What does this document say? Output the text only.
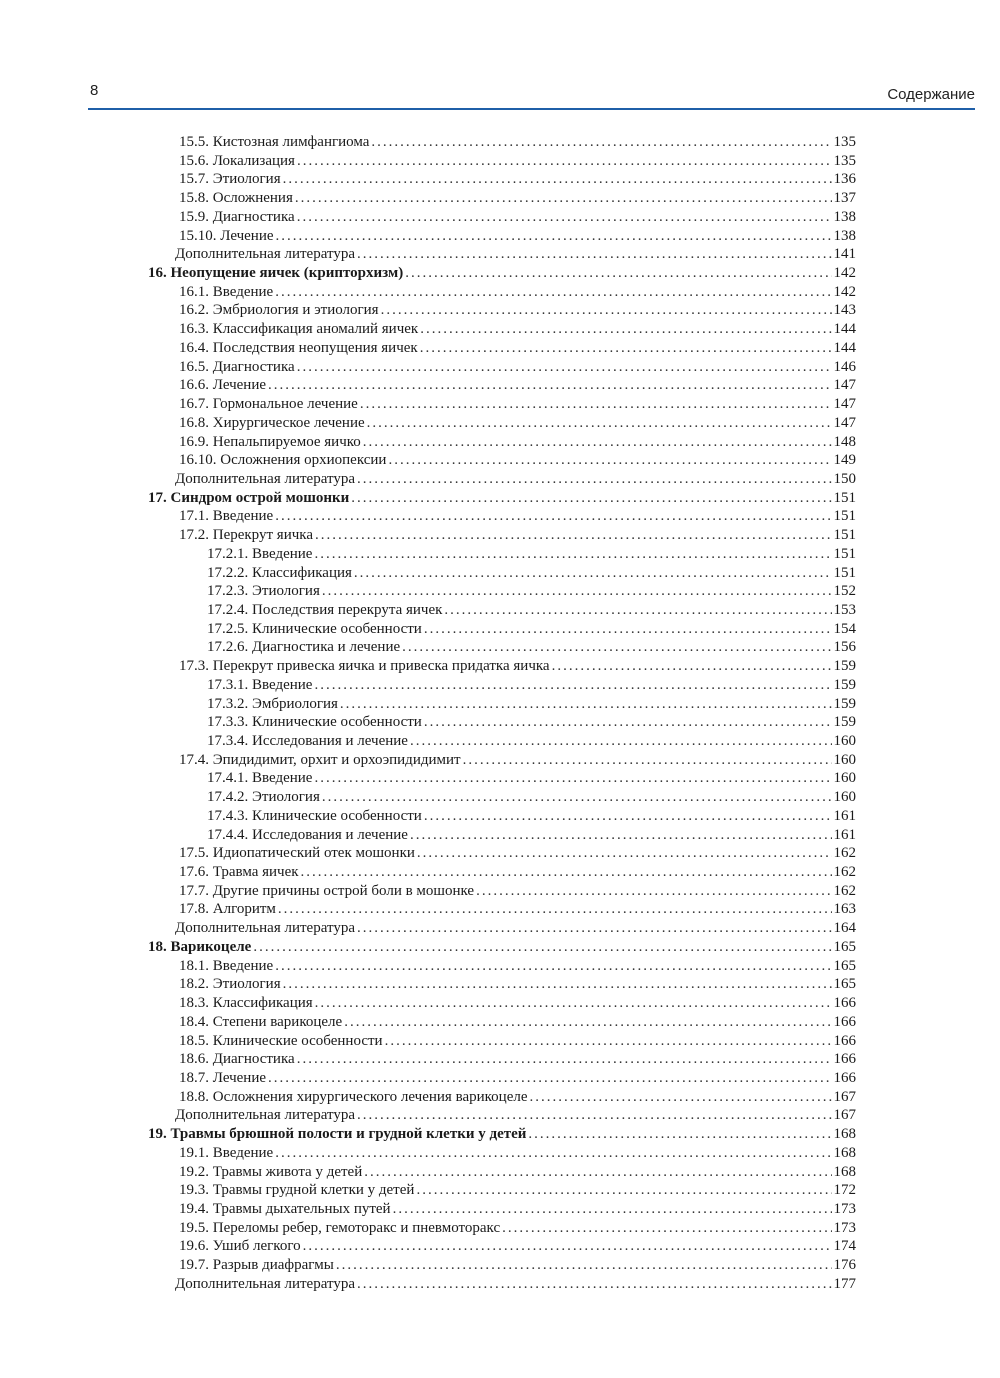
8	Содержание
15.5. Кистозная лимфангиома .....	135
15.6. Локализация .....	135
15.7. Этиология .....	136
15.8. Осложнения .....	137
15.9. Диагностика .....	138
15.10. Лечение .....	138
Дополнительная литература .....	141
16. Неопущение яичек (крипторхизм) .....	142
16.1. Введение .....	142
16.2. Эмбриология и этиология .....	143
16.3. Классификация аномалий яичек .....	144
16.4. Последствия неопущения яичек .....	144
16.5. Диагностика .....	146
16.6. Лечение .....	147
16.7. Гормональное лечение .....	147
16.8. Хирургическое лечение .....	147
16.9. Непальпируемое яичко .....	148
16.10. Осложнения орхиопексии .....	149
Дополнительная литература .....	150
17. Синдром острой мошонки .....	151
17.1. Введение .....	151
17.2. Перекрут яичка .....	151
17.2.1. Введение .....	151
17.2.2. Классификация .....	151
17.2.3. Этиология .....	152
17.2.4. Последствия перекрута яичек .....	153
17.2.5. Клинические особенности .....	154
17.2.6. Диагностика и лечение .....	156
17.3. Перекрут привеска яичка и привеска придатка яичка .....	159
17.3.1. Введение .....	159
17.3.2. Эмбриология .....	159
17.3.3. Клинические особенности .....	159
17.3.4. Исследования и лечение .....	160
17.4. Эпидидимит, орхит и орхоэпидидимит .....	160
17.4.1. Введение .....	160
17.4.2. Этиология .....	160
17.4.3. Клинические особенности .....	161
17.4.4. Исследования и лечение .....	161
17.5. Идиопатический отек мошонки .....	162
17.6. Травма яичек .....	162
17.7. Другие причины острой боли в мошонке .....	162
17.8. Алгоритм .....	163
Дополнительная литература .....	164
18. Варикоцеле .....	165
18.1. Введение .....	165
18.2. Этиология .....	165
18.3. Классификация .....	166
18.4. Степени варикоцеле .....	166
18.5. Клинические особенности .....	166
18.6. Диагностика .....	166
18.7. Лечение .....	166
18.8. Осложнения хирургического лечения варикоцеле .....	167
Дополнительная литература .....	167
19. Травмы брюшной полости и грудной клетки у детей .....	168
19.1. Введение .....	168
19.2. Травмы живота у детей .....	168
19.3. Травмы грудной клетки у детей .....	172
19.4. Травмы дыхательных путей .....	173
19.5. Переломы ребер, гемоторакс и пневмоторакс .....	173
19.6. Ушиб легкого .....	174
19.7. Разрыв диафрагмы .....	176
Дополнительная литература .....	177
